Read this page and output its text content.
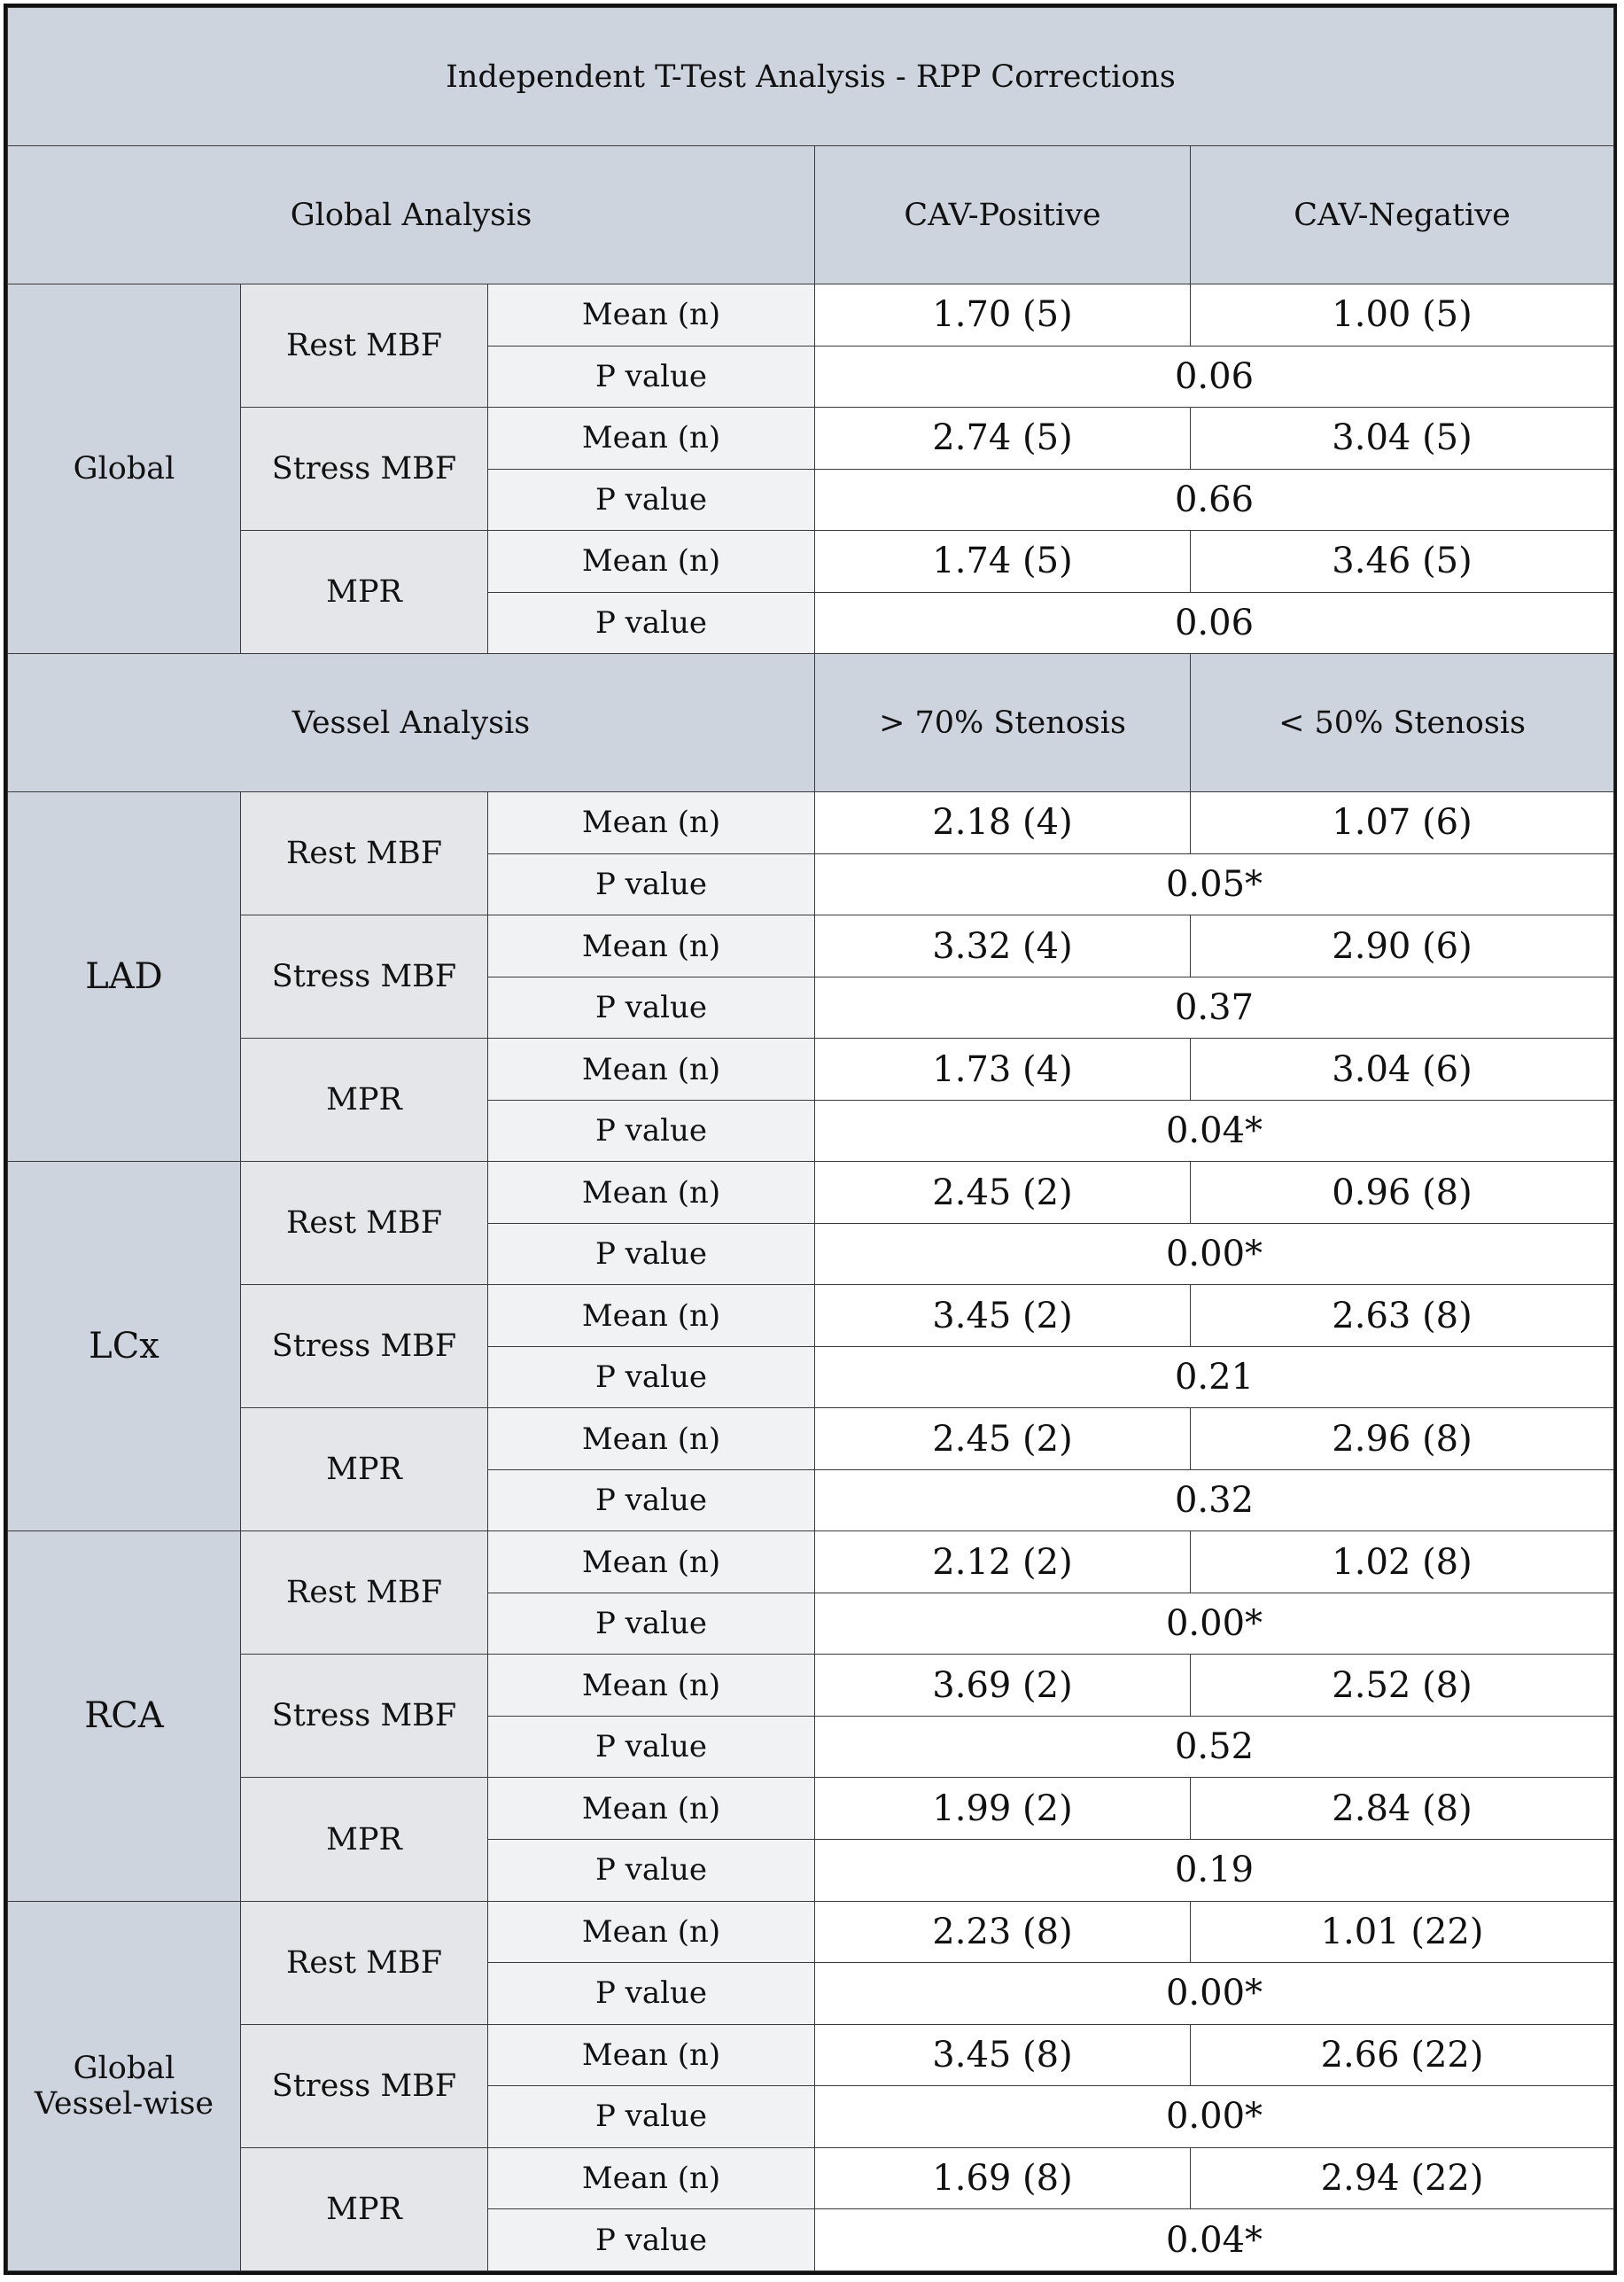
Independent T-Test Analysis - RPP Corrections				
Global Analysis			CAV-Positive	CAV-Negative
Global	Rest MBF	Mean (n)	1.70 (5)	1.00 (5)
		P value	0.06	
	Stress MBF	Mean (n)	2.74 (5)	3.04 (5)
		P value	0.66	
	MPR	Mean (n)	1.74 (5)	3.46 (5)
		P value	0.06	
Vessel Analysis			> 70% Stenosis	< 50% Stenosis
LAD	Rest MBF	Mean (n)	2.18 (4)	1.07 (6)
		P value	0.05*	
	Stress MBF	Mean (n)	3.32 (4)	2.90 (6)
		P value	0.37	
	MPR	Mean (n)	1.73 (4)	3.04 (6)
		P value	0.04*	
LCx	Rest MBF	Mean (n)	2.45 (2)	0.96 (8)
		P value	0.00*	
	Stress MBF	Mean (n)	3.45 (2)	2.63 (8)
		P value	0.21	
	MPR	Mean (n)	2.45 (2)	2.96 (8)
		P value	0.32	
RCA	Rest MBF	Mean (n)	2.12 (2)	1.02 (8)
		P value	0.00*	
	Stress MBF	Mean (n)	3.69 (2)	2.52 (8)
		P value	0.52	
	MPR	Mean (n)	1.99 (2)	2.84 (8)
		P value	0.19	
Global
Vessel-wise	Rest MBF	Mean (n)	2.23 (8)	1.01 (22)
		P value	0.00*	
	Stress MBF	Mean (n)	3.45 (8)	2.66 (22)
		P value	0.00*	
	MPR	Mean (n)	1.69 (8)	2.94 (22)
		P value	0.04*	
